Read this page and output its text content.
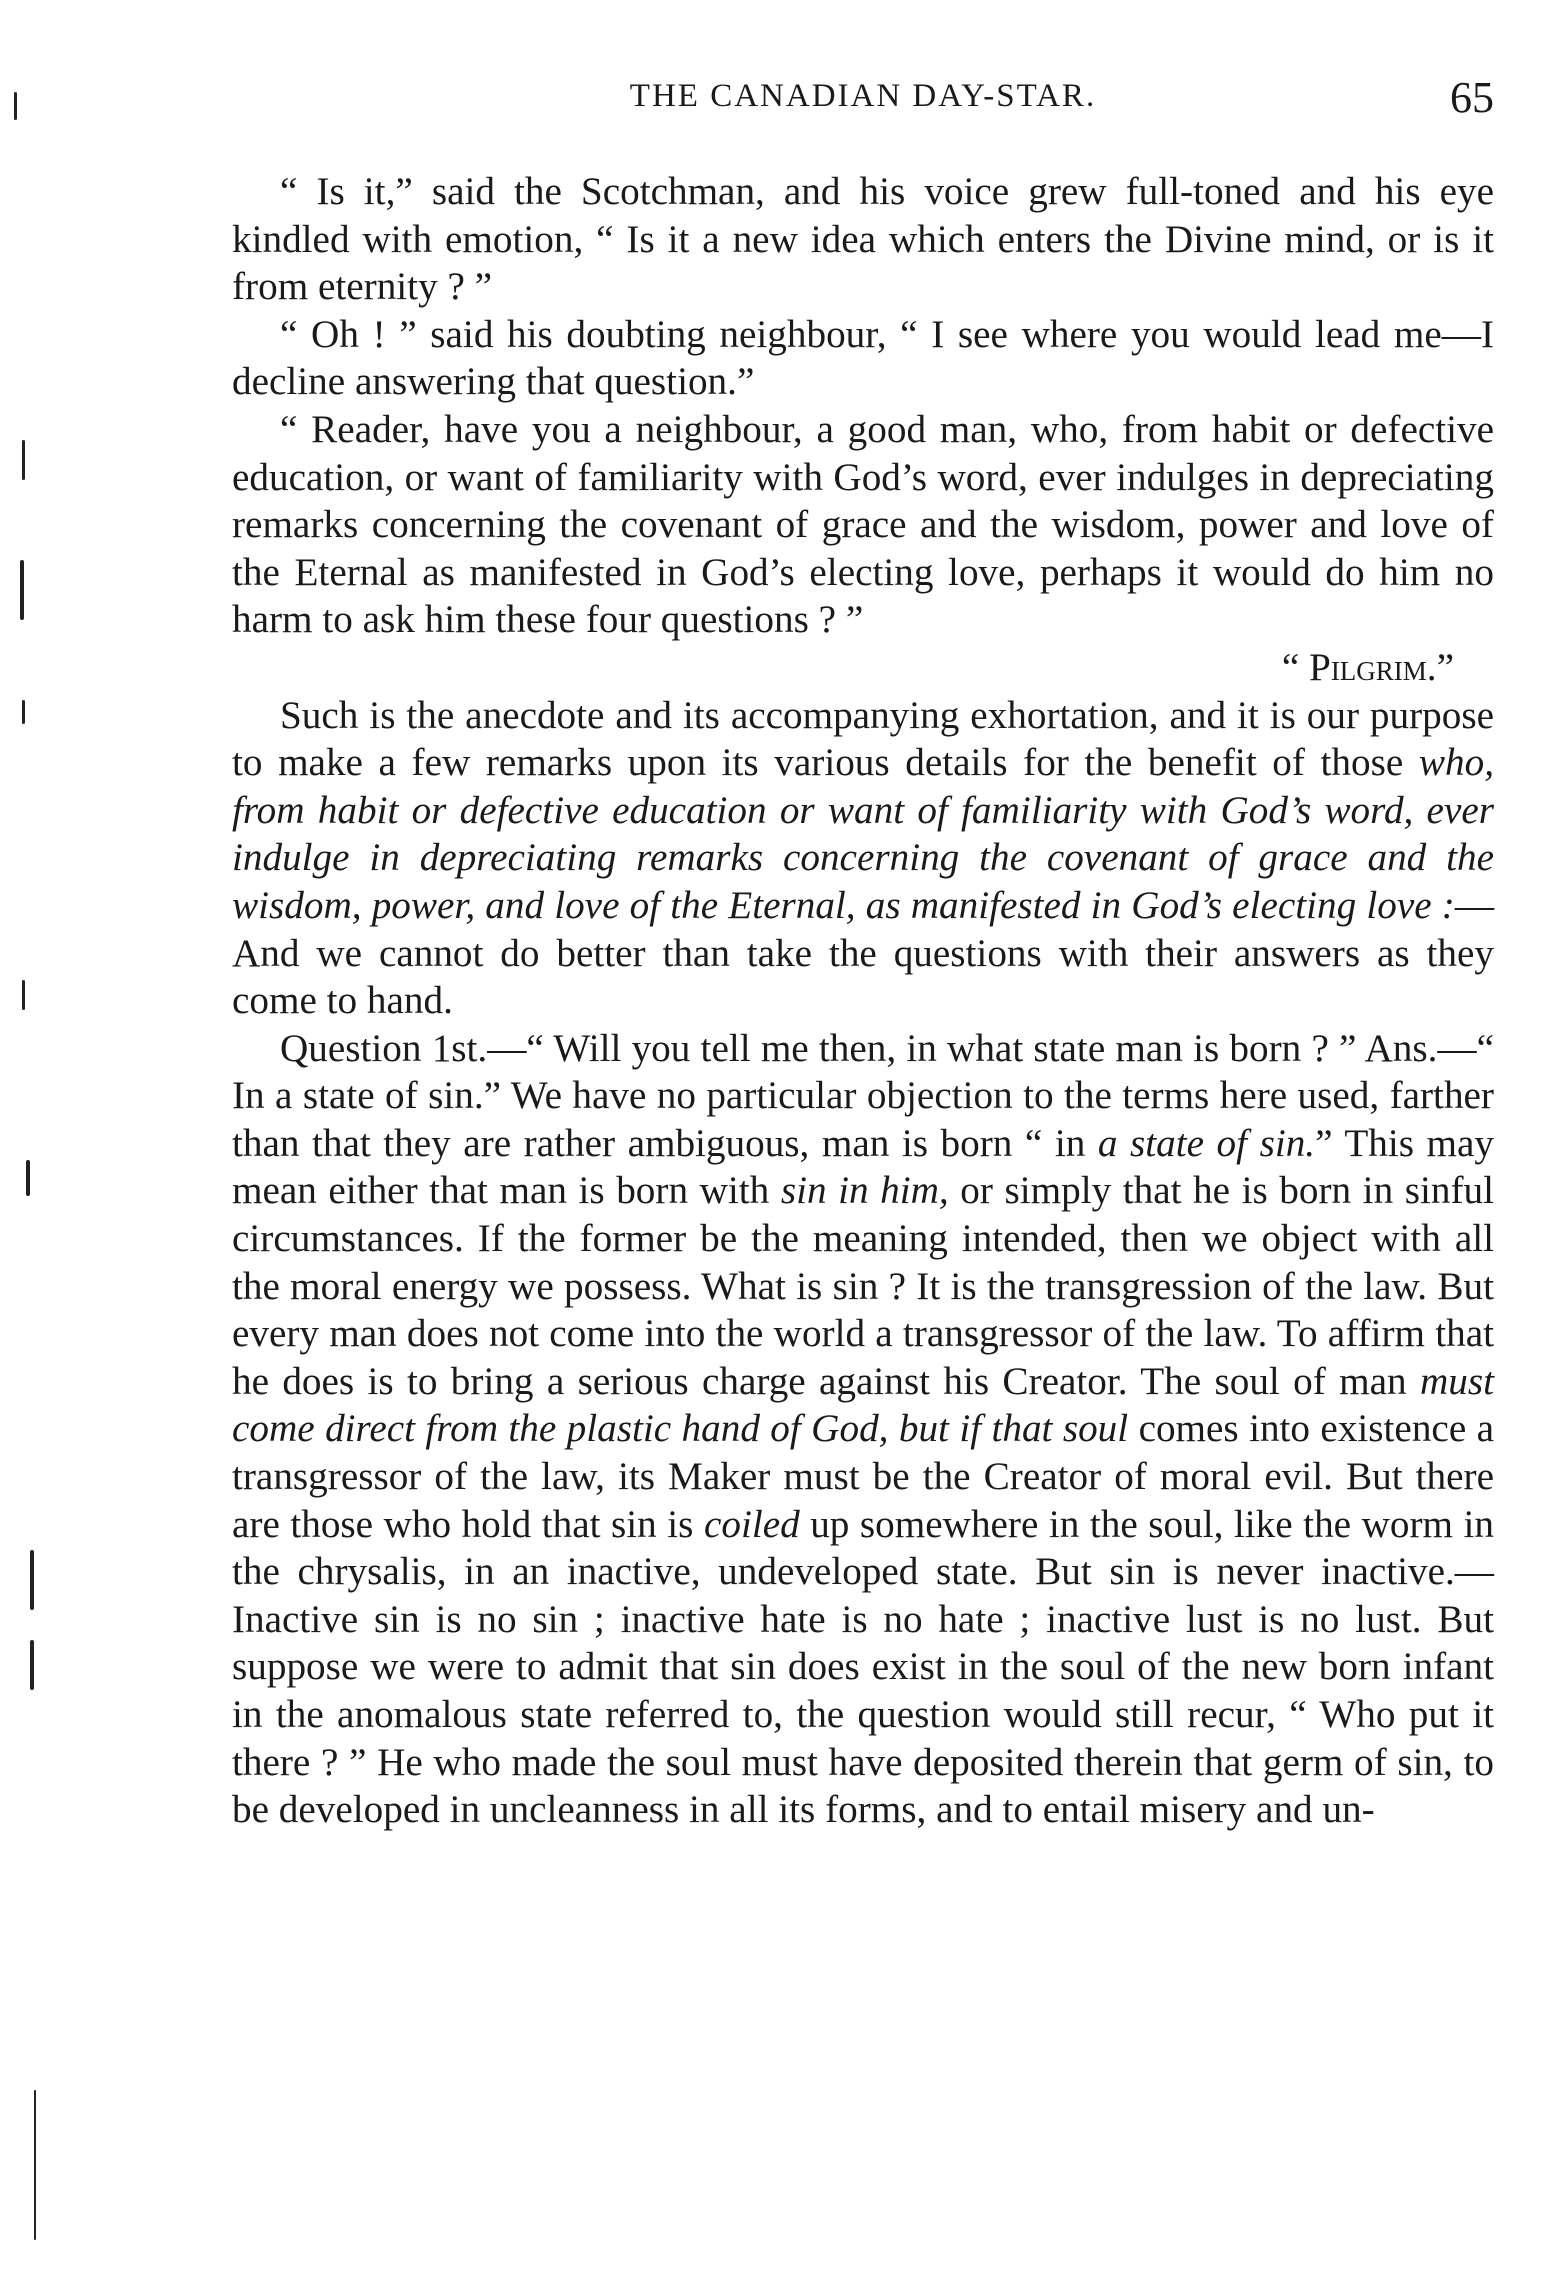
THE CANADIAN DAY-STAR.	65

“ Is it,” said the Scotchman, and his voice grew full-toned and his eye kindled with emotion, “ Is it a new idea which enters the Divine mind, or is it from eternity ? ”

“ Oh ! ” said his doubting neighbour, “ I see where you would lead me—I decline answering that question.”

“ Reader, have you a neighbour, a good man, who, from habit or defective education, or want of familiarity with God’s word, ever indulges in depreciating remarks concerning the covenant of grace and the wisdom, power and love of the Eternal as manifested in God’s electing love, perhaps it would do him no harm to ask him these four questions ? ”

“ Pilgrim.”

Such is the anecdote and its accompanying exhortation, and it is our purpose to make a few remarks upon its various details for the benefit of those who, from habit or defective education or want of familiarity with God’s word, ever indulge in depreciating remarks concerning the covenant of grace and the wisdom, power, and love of the Eternal, as manifested in God’s electing love :— And we cannot do better than take the questions with their answers as they come to hand.

Question 1st.—“ Will you tell me then, in what state man is born ? ” Ans.—“ In a state of sin.” We have no particular objection to the terms here used, farther than that they are rather ambiguous, man is born “ in a state of sin.” This may mean either that man is born with sin in him, or simply that he is born in sinful circumstances. If the former be the meaning intended, then we object with all the moral energy we possess. What is sin ? It is the transgression of the law. But every man does not come into the world a transgressor of the law. To affirm that he does is to bring a serious charge against his Creator. The soul of man must come direct from the plastic hand of God, but if that soul comes into existence a transgressor of the law, its Maker must be the Creator of moral evil. But there are those who hold that sin is coiled up somewhere in the soul, like the worm in the chrysalis, in an inactive, undeveloped state. But sin is never inactive.—Inactive sin is no sin ; inactive hate is no hate ; inactive lust is no lust. But suppose we were to admit that sin does exist in the soul of the new born infant in the anomalous state referred to, the question would still recur, “ Who put it there ? ” He who made the soul must have deposited therein that germ of sin, to be developed in uncleanness in all its forms, and to entail misery and un-
